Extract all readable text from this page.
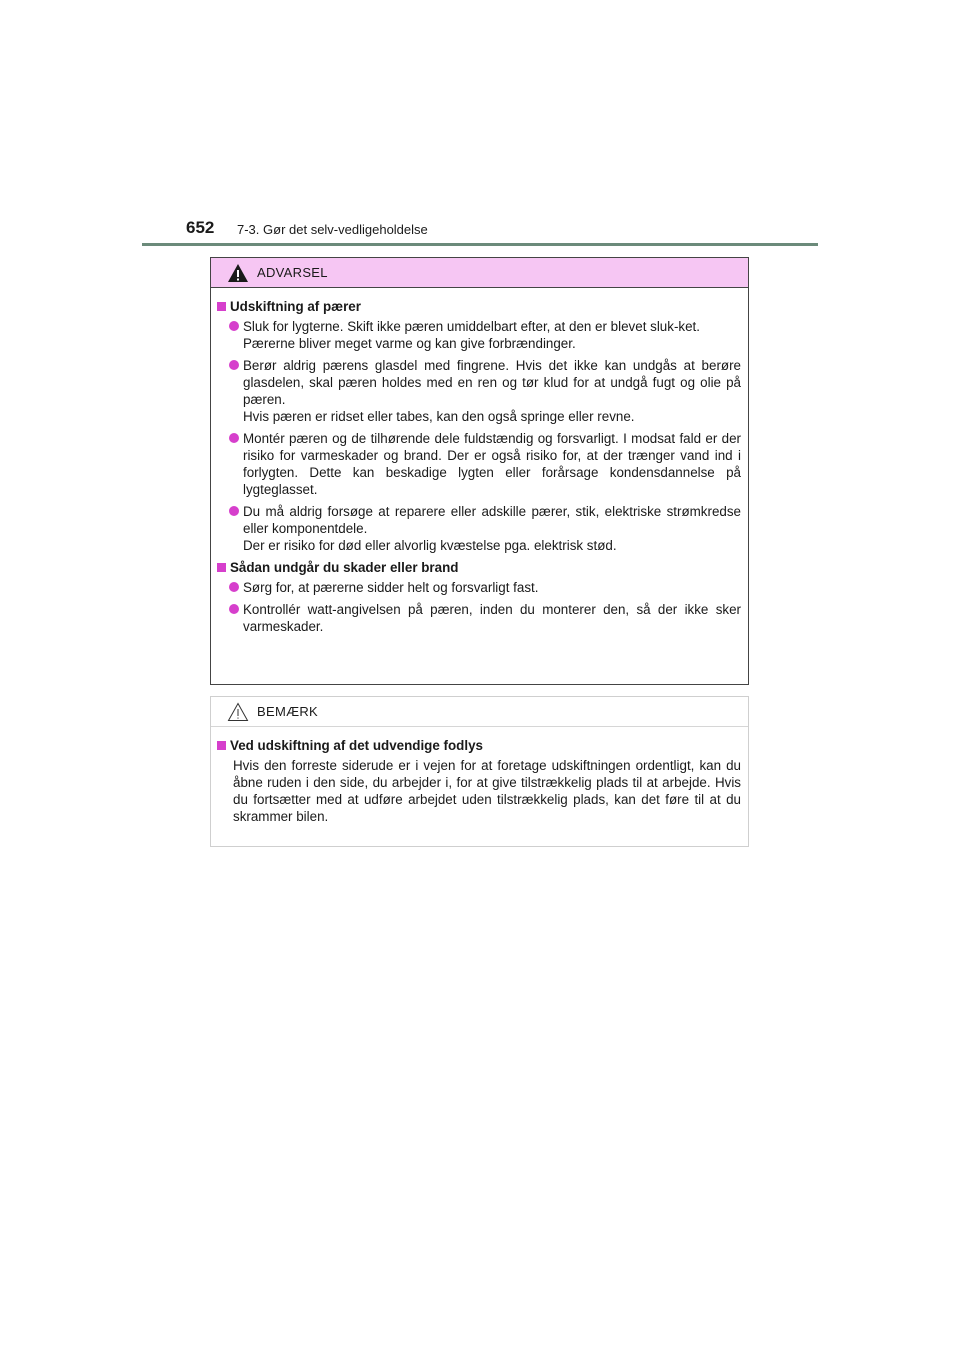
652 7-3. Gør det selv-vedligeholdelse
ADVARSEL
Udskiftning af pærer
Sluk for lygterne. Skift ikke pæren umiddelbart efter, at den er blevet sluk-ket.
Pærerne bliver meget varme og kan give forbrændinger.
Berør aldrig pærens glasdel med fingrene. Hvis det ikke kan undgås at berøre glasdelen, skal pæren holdes med en ren og tør klud for at undgå fugt og olie på pæren.
Hvis pæren er ridset eller tabes, kan den også springe eller revne.
Montér pæren og de tilhørende dele fuldstændig og forsvarligt. I modsat fald er der risiko for varmeskader og brand. Der er også risiko for, at der trænger vand ind i forlygten. Dette kan beskadige lygten eller forårsage kondensdannelse på lygteglasset.
Du må aldrig forsøge at reparere eller adskille pærer, stik, elektriske strømkredse eller komponentdele.
Der er risiko for død eller alvorlig kvæstelse pga. elektrisk stød.
Sådan undgår du skader eller brand
Sørg for, at pærerne sidder helt og forsvarligt fast.
Kontrollér watt-angivelsen på pæren, inden du monterer den, så der ikke sker varmeskader.
BEMÆRK
Ved udskiftning af det udvendige fodlys

Hvis den forreste siderude er i vejen for at foretage udskiftningen ordentligt, kan du åbne ruden i den side, du arbejder i, for at give tilstrækkelig plads til at arbejde. Hvis du fortsætter med at udføre arbejdet uden tilstrækkelig plads, kan det føre til at du skrammer bilen.
